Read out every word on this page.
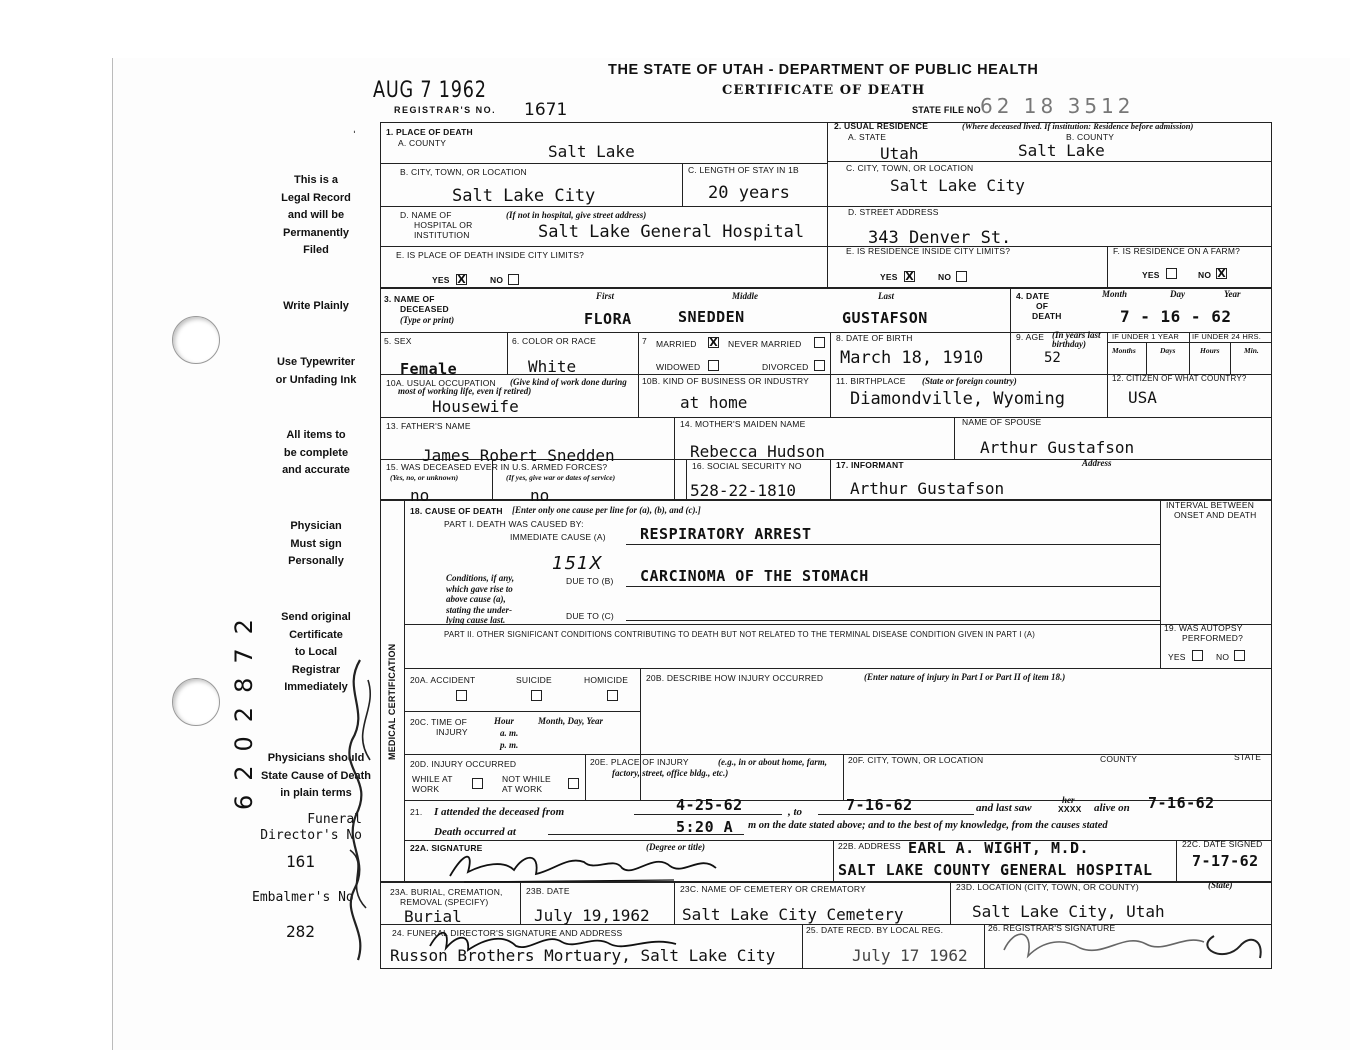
AUG 7 1962
REGISTRAR'S NO. 1671
THE STATE OF UTAH - DEPARTMENT OF PUBLIC HEALTH
CERTIFICATE OF DEATH
STATE FILE NO 62 18 3512
This is a
Legal Record
and will be
Permanently
Filed
Write Plainly
Use Typewriter
or Unfading Ink
All items to
be complete
and accurate
Physician
Must sign
Personally
Send original
Certificate
to Local
Registrar
Immediately
Physicians should
State Cause of Death
in plain terms
Funeral
Director's No
161
Embalmer's No
282
6202872
ˈ	1. PLACE OF DEATH
A. COUNTY	Salt Lake
B. CITY, TOWN, OR LOCATION
Salt Lake City
C. LENGTH OF STAY IN 1B
20 years
D. NAME OF
HOSPITAL OR
INSTITUTION
(If not in hospital, give street address)
Salt Lake General Hospital
E. IS PLACE OF DEATH INSIDE CITY LIMITS?
YES X	NO
2. USUAL RESIDENCE	(Where deceased lived. If institution: Residence before admission)
A. STATE	B. COUNTY
Utah	Salt Lake
C. CITY, TOWN, OR LOCATION
Salt Lake City
D. STREET ADDRESS
343 Denver St.
E. IS RESIDENCE INSIDE CITY LIMITS?
YES X	NO
F. IS RESIDENCE ON A FARM?
YES	NO X
3. NAME OF
DECEASED
(Type or print)
First	Middle	Last
FLORA	SNEDDEN	GUSTAFSON
4. DATE
OF
DEATH
Month	Day	Year
7 - 16 - 62
5. SEX
Female
6. COLOR OR RACE
White
7 MARRIED X NEVER MARRIED
WIDOWED	DIVORCED
8. DATE OF BIRTH
March 18, 1910
9. AGE (In years last birthday)
52
IF UNDER 1 YEAR IF UNDER 24 HRS.
Months	Days	Hours	Min.
10A. USUAL OCCUPATION	(Give kind of work done during most of working life, even if retired)
Housewife
10B. KIND OF BUSINESS OR INDUSTRY
at home
11. BIRTHPLACE (State or foreign country)
Diamondville, Wyoming
12. CITIZEN OF WHAT COUNTRY?
USA
13. FATHER'S NAME
James Robert Snedden
14. MOTHER'S MAIDEN NAME
Rebecca Hudson
NAME OF SPOUSE
Arthur Gustafson
15. WAS DECEASED EVER IN U.S. ARMED FORCES?
(Yes, no, or unknown)	(If yes, give war or dates of service)
no	no
16. SOCIAL SECURITY NO
528-22-1810
17. INFORMANT	Address
Arthur Gustafson
MEDICAL CERTIFICATION
18. CAUSE OF DEATH [Enter only one cause per line for (a), (b), and (c).]	INTERVAL BETWEEN
ONSET AND DEATH
PART I. DEATH WAS CAUSED BY:
IMMEDIATE CAUSE (A) RESPIRATORY ARREST
151X
Conditions, if any,
which gave rise to
above cause (a),
stating the under-
lying cause last.
DUE TO (B) CARCINOMA OF THE STOMACH
DUE TO (C)
PART II. OTHER SIGNIFICANT CONDITIONS CONTRIBUTING TO DEATH BUT NOT RELATED TO THE TERMINAL DISEASE CONDITION GIVEN IN PART I (A)
19. WAS AUTOPSY
PERFORMED?
YES	NO
20A. ACCIDENT	SUICIDE	HOMICIDE 20B. DESCRIBE HOW INJURY OCCURRED	(Enter nature of injury in Part I or Part II of item 18.)
20C. TIME OF
INJURY
Hour
a. m.
p. m.
Month, Day, Year
20D. INJURY OCCURRED
WHILE AT
WORK
NOT WHILE
AT WORK
20E. PLACE OF INJURY	(e.g., in or about home, farm, factory, street, office bldg., etc.)
20F. CITY, TOWN, OR LOCATION	COUNTY	STATE
21. I attended the deceased from	4-25-62	, to	7-16-62	and last saw
her
XXXX alive on 7-16-62
Death occurred at	5:20 A m on the date stated above; and to the best of my knowledge, from the causes stated
22A. SIGNATURE	(Degree or title)	22B. ADDRESS EARL A. WIGHT, M.D.
SALT LAKE COUNTY GENERAL HOSPITAL
22C. DATE SIGNED
7-17-62
23A. BURIAL, CREMATION,
REMOVAL (SPECIFY)
Burial
23B. DATE
July 19,1962
23C. NAME OF CEMETERY OR CREMATORY
Salt Lake City Cemetery
23D. LOCATION (CITY, TOWN, OR COUNTY)	(State)
Salt Lake City, Utah
24. FUNERAL DIRECTOR'S SIGNATURE AND ADDRESS
Russon Brothers Mortuary, Salt Lake City
25. DATE RECD. BY LOCAL REG.
July 17 1962
26. REGISTRAR'S SIGNATURE
